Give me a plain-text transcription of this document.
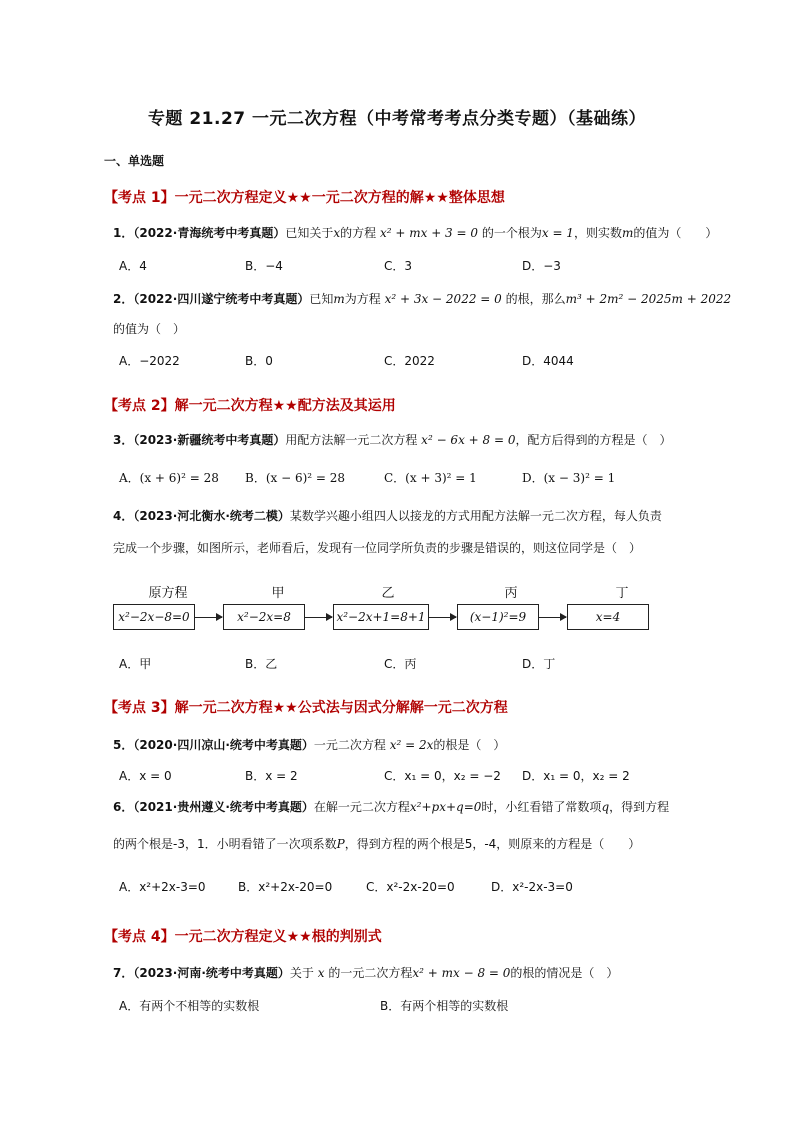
专题 21.27 一元二次方程（中考常考考点分类专题）（基础练）
一、单选题
【考点 1】一元二次方程定义★★一元二次方程的解★★整体思想
1．（2022·青海统考中考真题）已知关于x的方程 x² + mx + 3 = 0 的一个根为x = 1，则实数m的值为（　　）
A．4	B．−4	C．3	D．−3
2．（2022·四川遂宁统考中考真题）已知m为方程 x² + 3x − 2022 = 0 的根，那么m³ + 2m² − 2025m + 2022
的值为（　）
A．−2022	B．0	C．2022	D．4044
【考点 2】解一元二次方程★★配方法及其运用
3．（2023·新疆统考中考真题）用配方法解一元二次方程 x² − 6x + 8 = 0，配方后得到的方程是（　）
A．(x + 6)² = 28 B．(x − 6)² = 28	C．(x + 3)² = 1	D．(x − 3)² = 1
4．（2023·河北衡水·统考二模）某数学兴趣小组四人以接龙的方式用配方法解一元二次方程，每人负责
完成一个步骤，如图所示，老师看后，发现有一位同学所负责的步骤是错误的，则这位同学是（　）
原方程	甲	乙	丙	丁
x²−2x−8=0	x²−2x=8	x²−2x+1=8+1	(x−1)²=9	x=4
A．甲	B．乙	C．丙	D．丁
【考点 3】解一元二次方程★★公式法与因式分解解一元二次方程
5．（2020·四川凉山·统考中考真题）一元二次方程 x² = 2x的根是（　）
A．x = 0	B．x = 2	C．x₁ = 0，x₂ = −2 D．x₁ = 0，x₂ = 2
6．（2021·贵州遵义·统考中考真题）在解一元二次方程x²+px+q=0时，小红看错了常数项q，得到方程
的两个根是-3，1．小明看错了一次项系数P，得到方程的两个根是5，-4，则原来的方程是（　　）
A．x²+2x-3=0	B．x²+2x-20=0	C．x²-2x-20=0	D．x²-2x-3=0
【考点 4】一元二次方程定义★★根的判别式
7．（2023·河南·统考中考真题）关于 x 的一元二次方程x² + mx − 8 = 0的根的情况是（　）
A．有两个不相等的实数根	B．有两个相等的实数根
